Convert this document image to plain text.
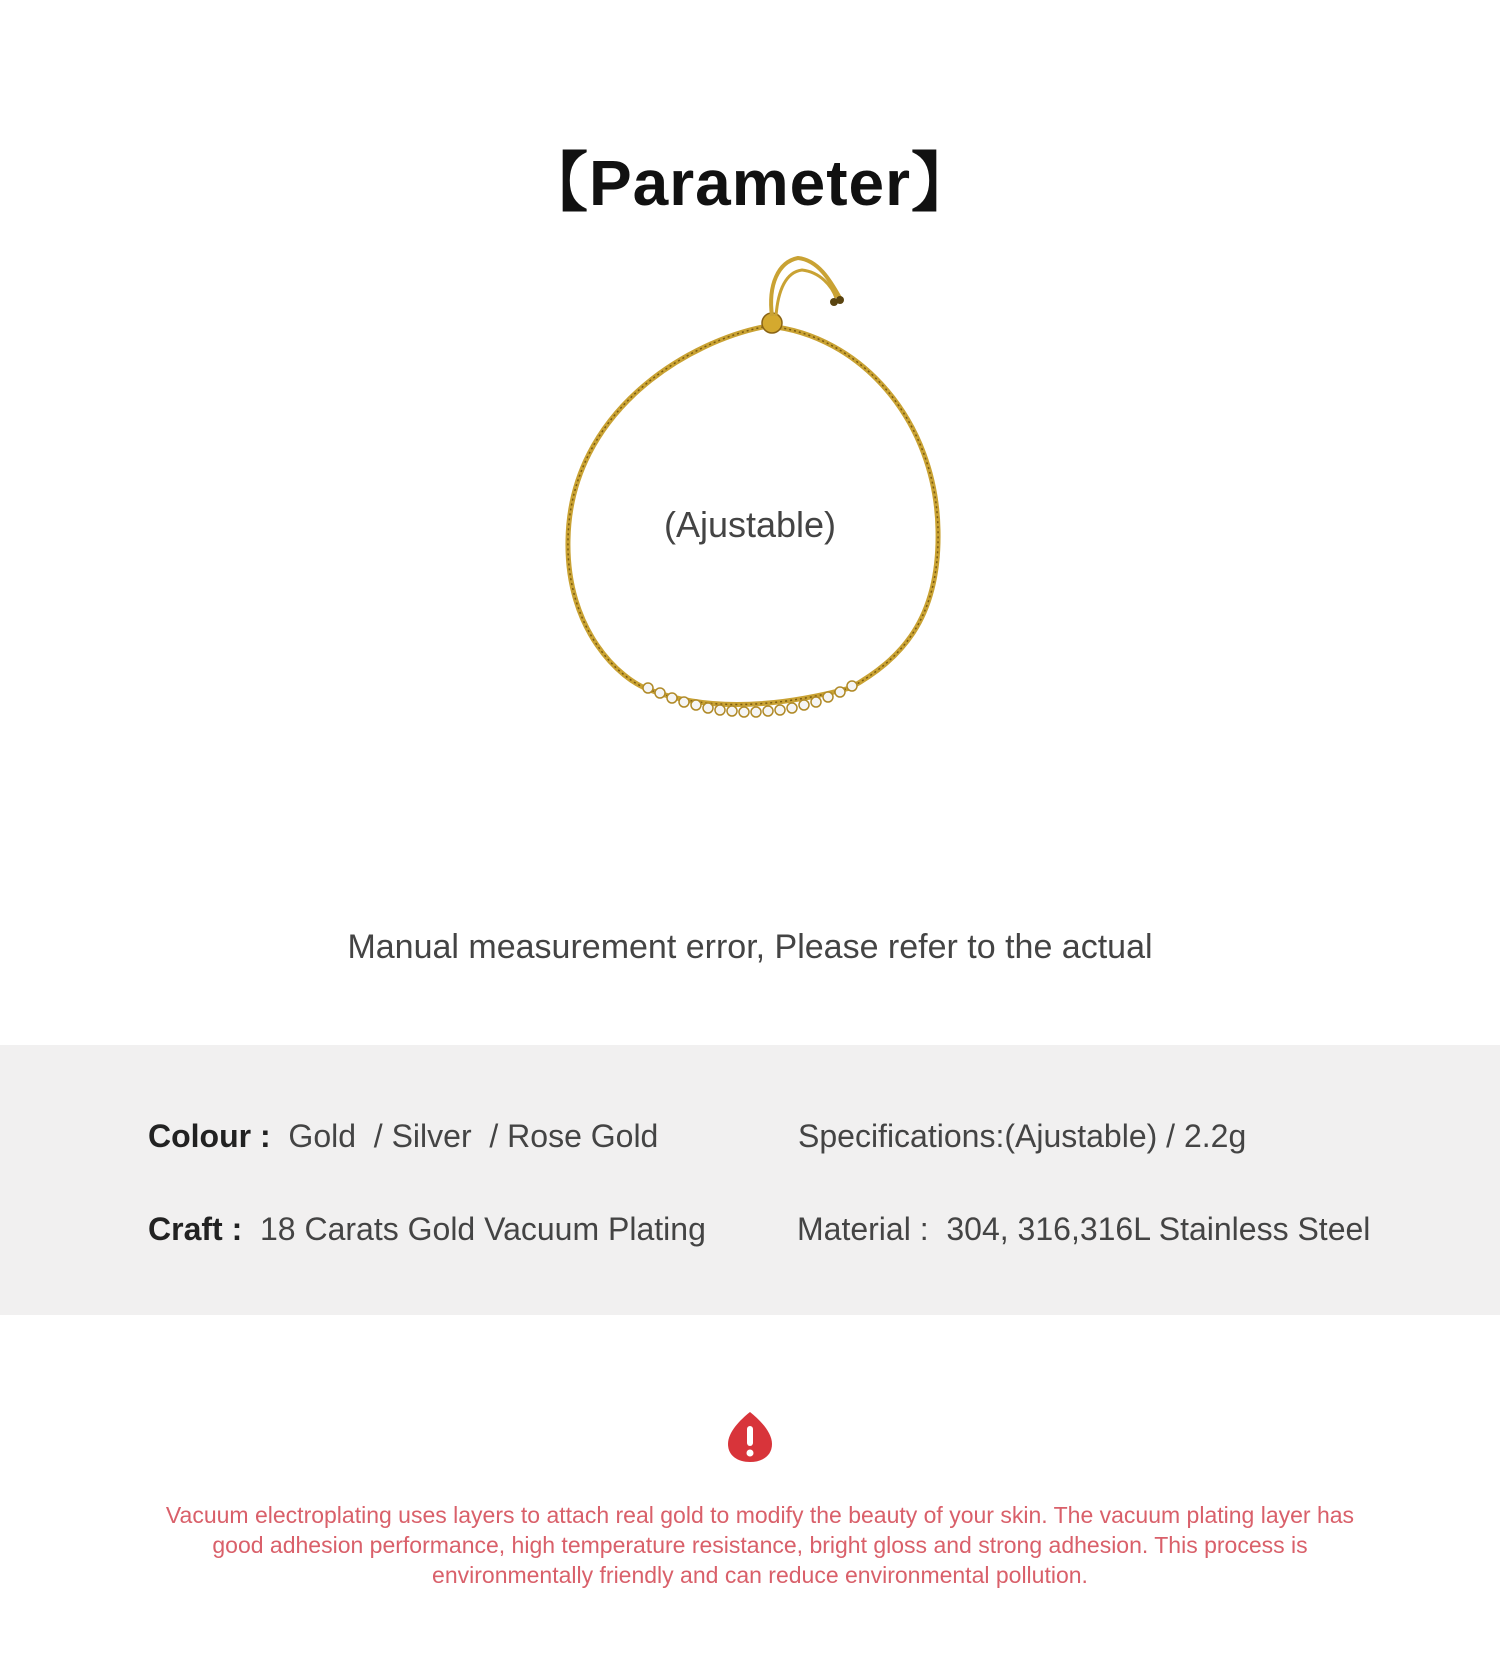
【Parameter】
(Ajustable)
Manual measurement error, Please refer to the actual
Colour : Gold  / Silver  / Rose Gold	Specifications:(Ajustable) / 2.2g
Craft : 18 Carats Gold Vacuum Plating	Material : 304, 316,316L Stainless Steel
Vacuum electroplating uses layers to attach real gold to modify the beauty of your skin. The vacuum plating layer has good adhesion performance, high temperature resistance, bright gloss and strong adhesion. This process is environmentally friendly and can reduce environmental pollution.
